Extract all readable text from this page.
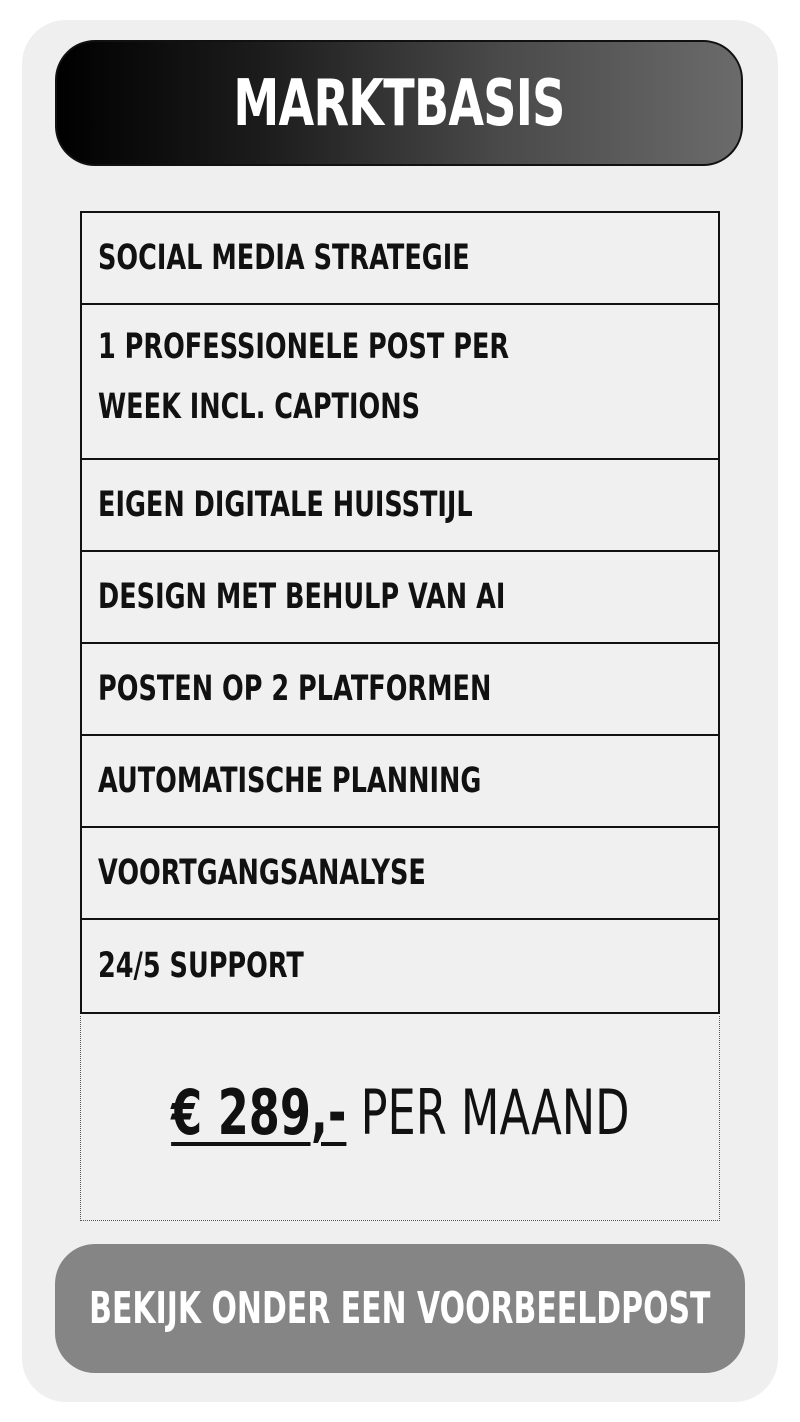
MARKTBASIS
SOCIAL MEDIA STRATEGIE
1 PROFESSIONELE POST PER WEEK INCL. CAPTIONS
EIGEN DIGITALE HUISSTIJL
DESIGN MET BEHULP VAN AI
POSTEN OP 2 PLATFORMEN
AUTOMATISCHE PLANNING
VOORTGANGSANALYSE
24/5 SUPPORT
€ 289,- PER MAAND
BEKIJK ONDER EEN VOORBEELDPOST
